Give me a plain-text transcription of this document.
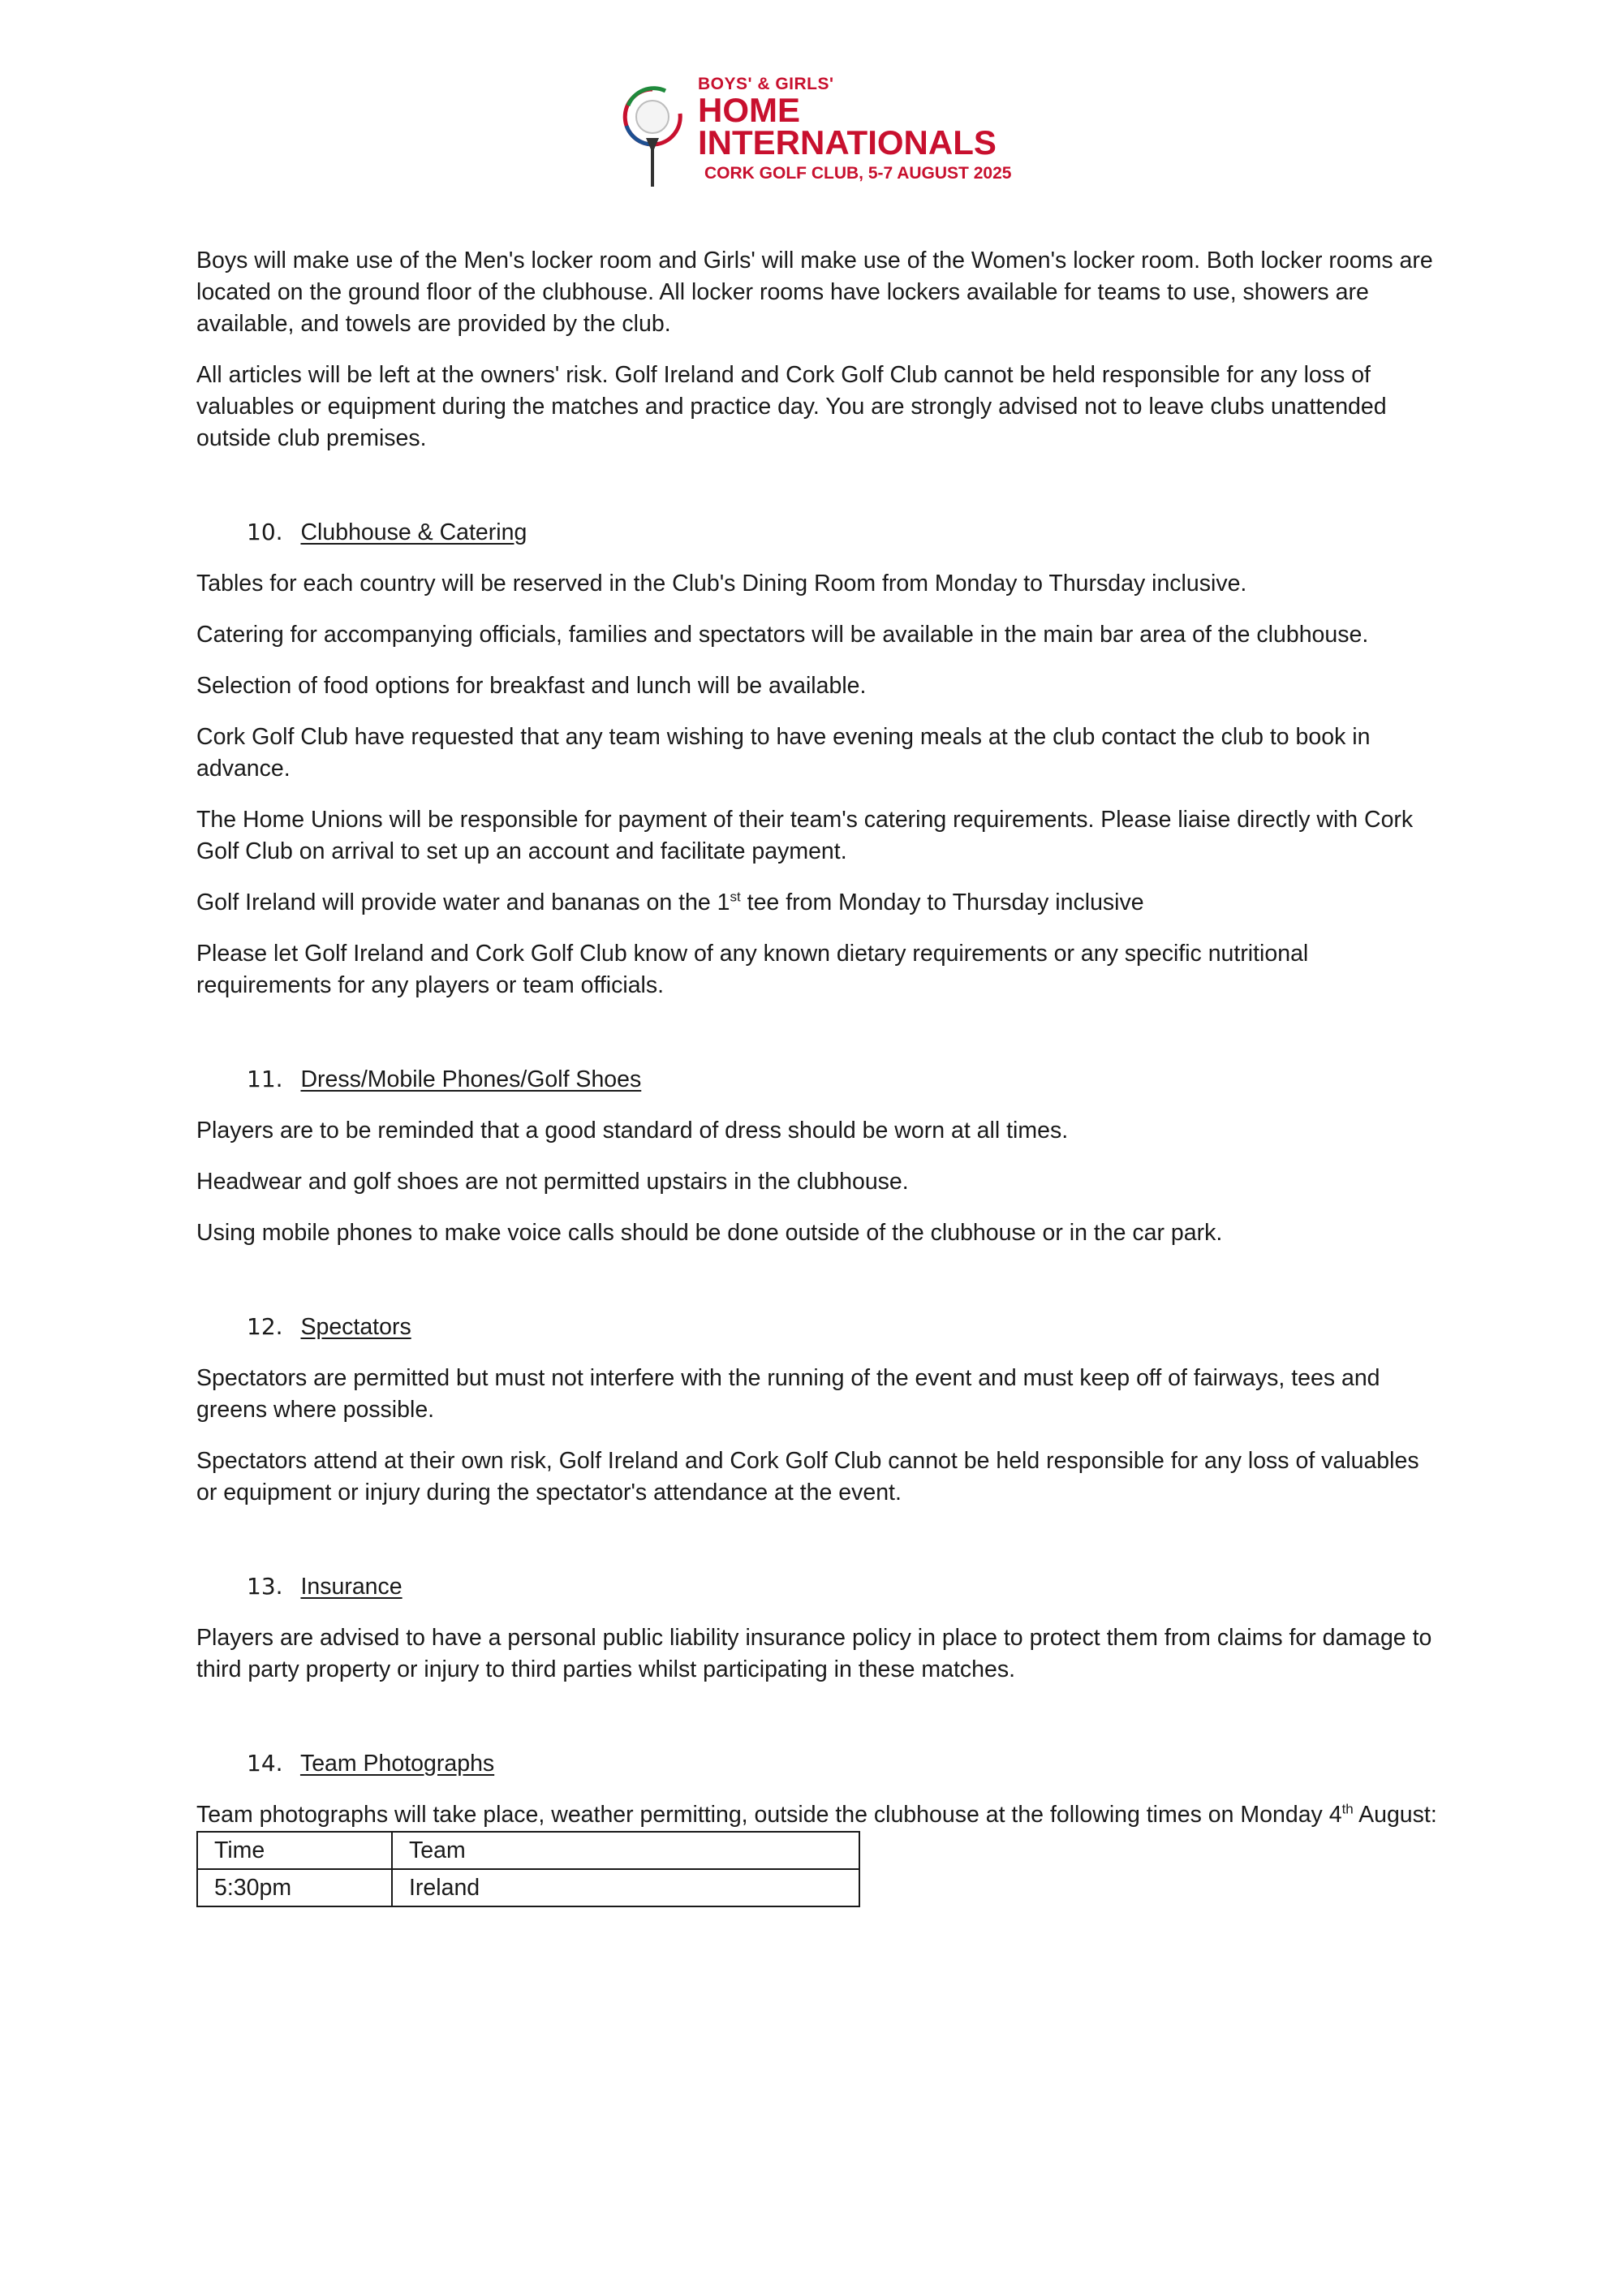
BOYS' & GIRLS'
HOME
INTERNATIONALS
CORK GOLF CLUB, 5-7 AUGUST 2025

Boys will make use of the Men's locker room and Girls' will make use of the Women's locker room. Both locker rooms are located on the ground floor of the clubhouse. All locker rooms have lockers available for teams to use, showers are available, and towels are provided by the club.

All articles will be left at the owners' risk. Golf Ireland and Cork Golf Club cannot be held responsible for any loss of valuables or equipment during the matches and practice day. You are strongly advised not to leave clubs unattended outside club premises.

10. Clubhouse & Catering

Tables for each country will be reserved in the Club's Dining Room from Monday to Thursday inclusive.

Catering for accompanying officials, families and spectators will be available in the main bar area of the clubhouse.

Selection of food options for breakfast and lunch will be available.

Cork Golf Club have requested that any team wishing to have evening meals at the club contact the club to book in advance.

The Home Unions will be responsible for payment of their team's catering requirements. Please liaise directly with Cork Golf Club on arrival to set up an account and facilitate payment.

Golf Ireland will provide water and bananas on the 1st tee from Monday to Thursday inclusive

Please let Golf Ireland and Cork Golf Club know of any known dietary requirements or any specific nutritional requirements for any players or team officials.

11. Dress/Mobile Phones/Golf Shoes

Players are to be reminded that a good standard of dress should be worn at all times.

Headwear and golf shoes are not permitted upstairs in the clubhouse.

Using mobile phones to make voice calls should be done outside of the clubhouse or in the car park.

12. Spectators

Spectators are permitted but must not interfere with the running of the event and must keep off of fairways, tees and greens where possible.

Spectators attend at their own risk, Golf Ireland and Cork Golf Club cannot be held responsible for any loss of valuables or equipment or injury during the spectator's attendance at the event.

13. Insurance

Players are advised to have a personal public liability insurance policy in place to protect them from claims for damage to third party property or injury to third parties whilst participating in these matches.

14. Team Photographs

Team photographs will take place, weather permitting, outside the clubhouse at the following times on Monday 4th August:

Time	Team
5:30pm	Ireland
